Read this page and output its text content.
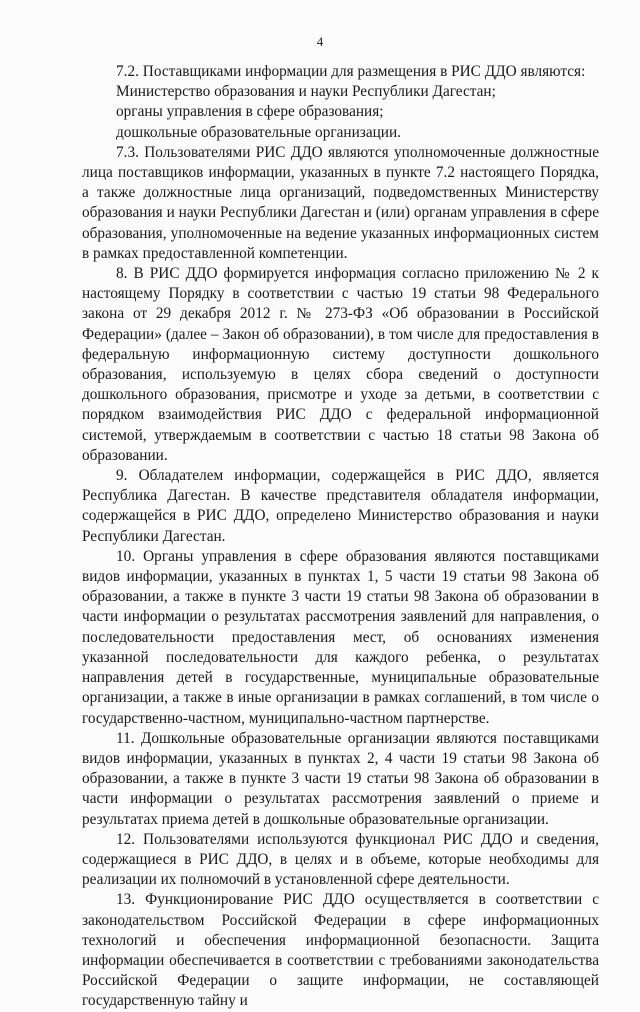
4

7.2. Поставщиками информации для размещения в РИС ДДО являются:

Министерство образования и науки Республики Дагестан;

органы управления в сфере образования;

дошкольные образовательные организации.

7.3. Пользователями РИС ДДО являются уполномоченные должностные лица поставщиков информации, указанных в пункте 7.2 настоящего Порядка, а также должностные лица организаций, подведомственных Министерству образования и науки Республики Дагестан и (или) органам управления в сфере образования, уполномоченные на ведение указанных информационных систем в рамках предоставленной компетенции.

8. В РИС ДДО формируется информация согласно приложению № 2 к настоящему Порядку в соответствии с частью 19 статьи 98 Федерального закона от 29 декабря 2012 г. № 273-ФЗ «Об образовании в Российской Федерации» (далее – Закон об образовании), в том числе для предоставления в федеральную информационную систему доступности дошкольного образования, используемую в целях сбора сведений о доступности дошкольного образования, присмотре и уходе за детьми, в соответствии с порядком взаимодействия РИС ДДО с федеральной информационной системой, утверждаемым в соответствии с частью 18 статьи 98 Закона об образовании.

9. Обладателем информации, содержащейся в РИС ДДО, является Республика Дагестан. В качестве представителя обладателя информации, содержащейся в РИС ДДО, определено Министерство образования и науки Республики Дагестан.

10. Органы управления в сфере образования являются поставщиками видов информации, указанных в пунктах 1, 5 части 19 статьи 98 Закона об образовании, а также в пункте 3 части 19 статьи 98 Закона об образовании в части информации о результатах рассмотрения заявлений для направления, о последовательности предоставления мест, об основаниях изменения указанной последовательности для каждого ребенка, о результатах направления детей в государственные, муниципальные образовательные организации, а также в иные организации в рамках соглашений, в том числе о государственно-частном, муниципально-частном партнерстве.

11. Дошкольные образовательные организации являются поставщиками видов информации, указанных в пунктах 2, 4 части 19 статьи 98 Закона об образовании, а также в пункте 3 части 19 статьи 98 Закона об образовании в части информации о результатах рассмотрения заявлений о приеме и результатах приема детей в дошкольные образовательные организации.

12. Пользователями используются функционал РИС ДДО и сведения, содержащиеся в РИС ДДО, в целях и в объеме, которые необходимы для реализации их полномочий в установленной сфере деятельности.

13. Функционирование РИС ДДО осуществляется в соответствии с законодательством Российской Федерации в сфере информационных технологий и обеспечения информационной безопасности. Защита информации обеспечивается в соответствии с требованиями законодательства Российской Федерации о защите информации, не составляющей государственную тайну и
